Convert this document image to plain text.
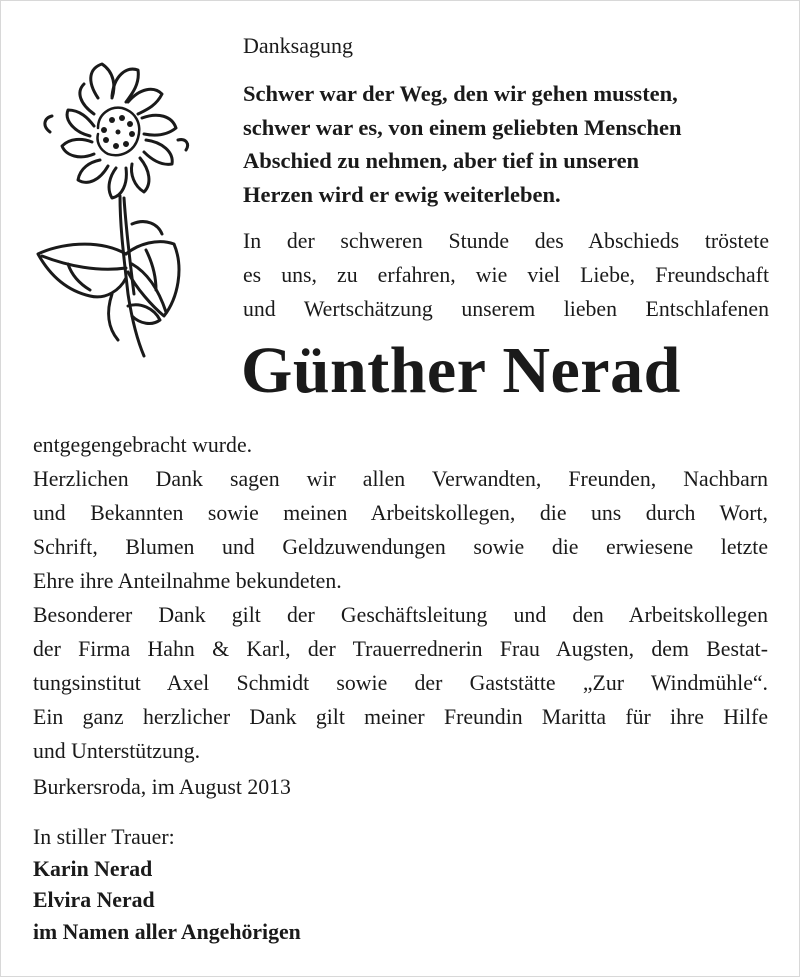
Danksagung
Schwer war der Weg, den wir gehen mussten,
schwer war es, von einem geliebten Menschen
Abschied zu nehmen, aber tief in unseren
Herzen wird er ewig weiterleben.
In der schweren Stunde des Abschieds tröstete
es uns, zu erfahren, wie viel Liebe, Freundschaft
und Wertschätzung unserem lieben Entschlafenen
Günther Nerad
entgegengebracht wurde.
Herzlichen Dank sagen wir allen Verwandten, Freunden, Nachbarn
und Bekannten sowie meinen Arbeitskollegen, die uns durch Wort,
Schrift, Blumen und Geldzuwendungen sowie die erwiesene letzte
Ehre ihre Anteilnahme bekundeten.
Besonderer Dank gilt der Geschäftsleitung und den Arbeitskollegen
der Firma Hahn & Karl, der Trauerrednerin Frau Augsten, dem Bestat-
tungsinstitut Axel Schmidt sowie der Gaststätte „Zur Windmühle“.
Ein ganz herzlicher Dank gilt meiner Freundin Maritta für ihre Hilfe
und Unterstützung.
Burkersroda, im August 2013
In stiller Trauer:
Karin Nerad
Elvira Nerad
im Namen aller Angehörigen
